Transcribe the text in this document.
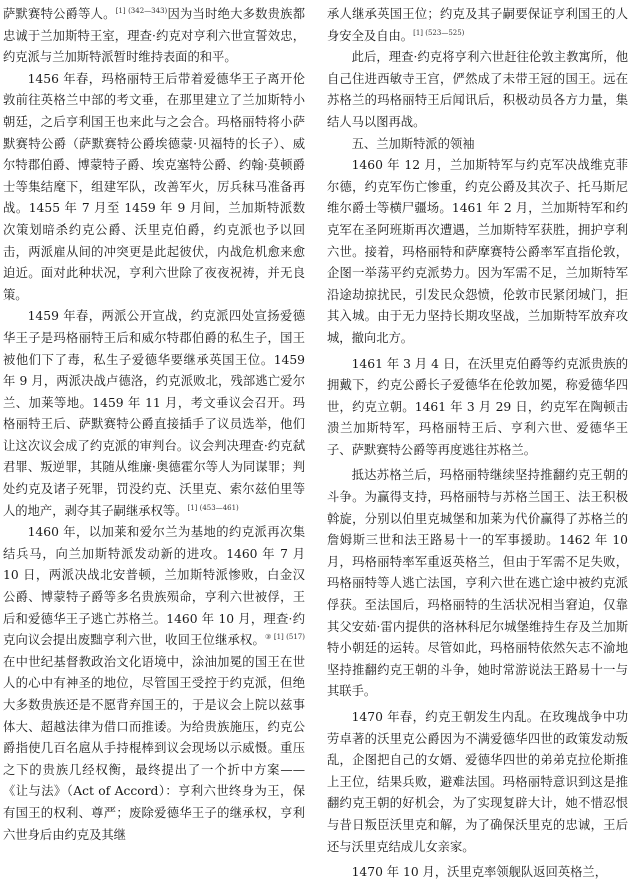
萨默赛特公爵等人。$^{[1] (342—343)}$因为当时绝大多数贵族都忠诚于兰加斯特王室，理查·约克对亨利六世宣誓效忠，约克派与兰加斯特派暂时维持表面的和平。

1456 年春，玛格丽特王后带着爱德华王子离开伦敦前往英格兰中部的考文垂，在那里建立了兰加斯特小朝廷，之后亨利国王也来此与之会合。玛格丽特将小萨默赛特公爵（萨默赛特公爵埃德蒙·贝福特的长子）、威尔特郡伯爵、博蒙特子爵、埃克塞特公爵、约翰·莫顿爵士等集结麾下，组建军队，改善军火，厉兵秣马准备再战。1455 年 7 月至 1459 年 9 月间，兰加斯特派数次策划暗杀约克公爵、沃里克伯爵，约克派也予以回击，两派雇从间的冲突更是此起彼伏，内战危机愈来愈迫近。面对此种状况，亨利六世除了夜夜祝祷，并无良策。

1459 年春，两派公开宣战，约克派四处宣扬爱德华王子是玛格丽特王后和威尔特郡伯爵的私生子，国王被他们下了毒，私生子爱德华要继承英国王位。1459 年 9 月，两派决战卢德洛，约克派败北，残部逃亡爱尔兰、加莱等地。1459 年 11 月，考文垂议会召开。玛格丽特王后、萨默赛特公爵直接插手了议员选举，他们让这次议会成了约克派的审判台。议会判决理查·约克弑君罪、叛逆罪，其随从维廉·奥德霍尔等人为同谋罪；判处约克及诸子死罪，罚没约克、沃里克、索尔兹伯里等人的地产，剥夺其子嗣继承权等。$^{[1] (453—461)}$

1460 年，以加莱和爱尔兰为基地的约克派再次集结兵马，向兰加斯特派发动新的进攻。1460 年 7 月 10 日，两派决战北安普顿，兰加斯特派惨败，白金汉公爵、博蒙特子爵等多名贵族殒命，亨利六世被俘，王后和爱德华王子逃亡苏格兰。1460 年 10 月，理查·约克向议会提出废黜亨利六世，收回王位继承权。$^{③ [1] (517)}$在中世纪基督教政治文化语境中，涂油加冕的国王在世人的心中有神圣的地位，尽管国王受控于约克派，但绝大多数贵族还是不愿背弃国王的，于是议会上院以兹事体大、超越法律为借口而推诿。为给贵族施压，约克公爵指使几百名扈从手持棍棒到议会现场以示威慑。重压之下的贵族几经权衡，最终提出了一个折中方案——《让与法》（Act of Accord）：亨利六世终身为王，保有国王的权利、尊严；废除爱德华王子的继承权，亨利六世身后由约克及其继

承人继承英国王位；约克及其子嗣要保证亨利国王的人身安全及自由。$^{[1] (523—525)}$

此后，理查·约克将亨利六世赶往伦敦主教寓所，他自己住进西敏寺王宫，俨然成了未带王冠的国王。远在苏格兰的玛格丽特王后闻讯后，积极动员各方力量，集结人马以图再战。

五、兰加斯特派的领袖

1460 年 12 月，兰加斯特军与约克军决战维克菲尔德，约克军伤亡惨重，约克公爵及其次子、托马斯尼维尔爵士等横尸疆场。1461 年 2 月，兰加斯特军和约克军在圣阿班斯再次遭遇，兰加斯特军获胜，拥护亨利六世。接着，玛格丽特和萨摩赛特公爵率军直指伦敦，企图一举荡平约克派势力。因为军需不足，兰加斯特军沿途劫掠扰民，引发民众怨愤，伦敦市民紧闭城门，拒其入城。由于无力坚持长期攻坚战，兰加斯特军放弃攻城，撤向北方。

1461 年 3 月 4 日，在沃里克伯爵等约克派贵族的拥戴下，约克公爵长子爱德华在伦敦加冕，称爱德华四世，约克立朝。1461 年 3 月 29 日，约克军在陶顿击溃兰加斯特军，玛格丽特王后、亨利六世、爱德华王子、萨默赛特公爵等再度逃往苏格兰。

抵达苏格兰后，玛格丽特继续坚持推翻约克王朝的斗争。为赢得支持，玛格丽特与苏格兰国王、法王积极斡旋，分别以伯里克城堡和加莱为代价赢得了苏格兰的詹姆斯三世和法王路易十一的军事援助。1462 年 10 月，玛格丽特率军重返英格兰，但由于军需不足失败，玛格丽特等人逃亡法国，亨利六世在逃亡途中被约克派俘获。至法国后，玛格丽特的生活状况相当窘迫，仅靠其父安茹·雷内提供的洛林科尼尔城堡维持生存及兰加斯特小朝廷的运转。尽管如此，玛格丽特依然矢志不渝地坚持推翻约克王朝的斗争，她时常游说法王路易十一与其联手。

1470 年春，约克王朝发生内乱。在玫瑰战争中功劳卓著的沃里克公爵因为不满爱德华四世的政策发动叛乱，企图把自己的女婿、爱德华四世的弟弟克拉伦斯推上王位，结果兵败，避难法国。玛格丽特意识到这是推翻约克王朝的好机会，为了实现复辟大计，她不惜忍恨与昔日叛臣沃里克和解，为了确保沃里克的忠诚，王后还与沃里克结成儿女亲家。

1470 年 10 月，沃里克率领舰队返回英格兰，
